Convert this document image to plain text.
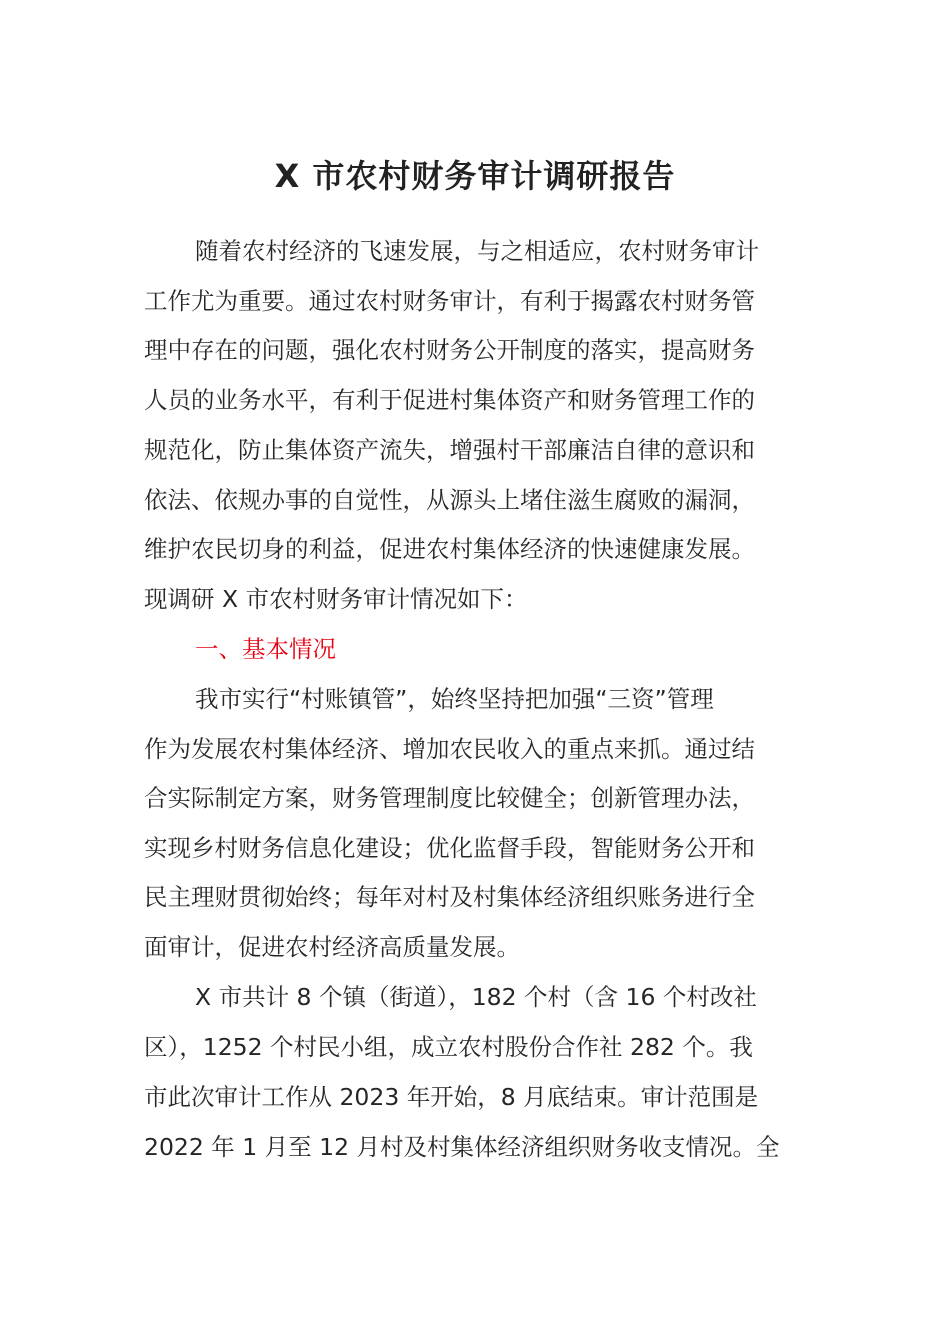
X 市农村财务审计调研报告
随着农村经济的飞速发展，与之相适应，农村财务审计
工作尤为重要。通过农村财务审计，有利于揭露农村财务管
理中存在的问题，强化农村财务公开制度的落实，提高财务
人员的业务水平，有利于促进村集体资产和财务管理工作的
规范化，防止集体资产流失，增强村干部廉洁自律的意识和
依法、依规办事的自觉性，从源头上堵住滋生腐败的漏洞，
维护农民切身的利益，促进农村集体经济的快速健康发展。
现调研 X 市农村财务审计情况如下：
一、基本情况
我市实行“村账镇管”，始终坚持把加强“三资”管理
作为发展农村集体经济、增加农民收入的重点来抓。通过结
合实际制定方案，财务管理制度比较健全；创新管理办法，
实现乡村财务信息化建设；优化监督手段，智能财务公开和
民主理财贯彻始终；每年对村及村集体经济组织账务进行全
面审计，促进农村经济高质量发展。
X 市共计 8 个镇（街道），182 个村（含 16 个村改社
区），1252 个村民小组，成立农村股份合作社 282 个。我
市此次审计工作从 2023 年开始，8 月底结束。审计范围是
2022 年 1 月至 12 月村及村集体经济组织财务收支情况。全
